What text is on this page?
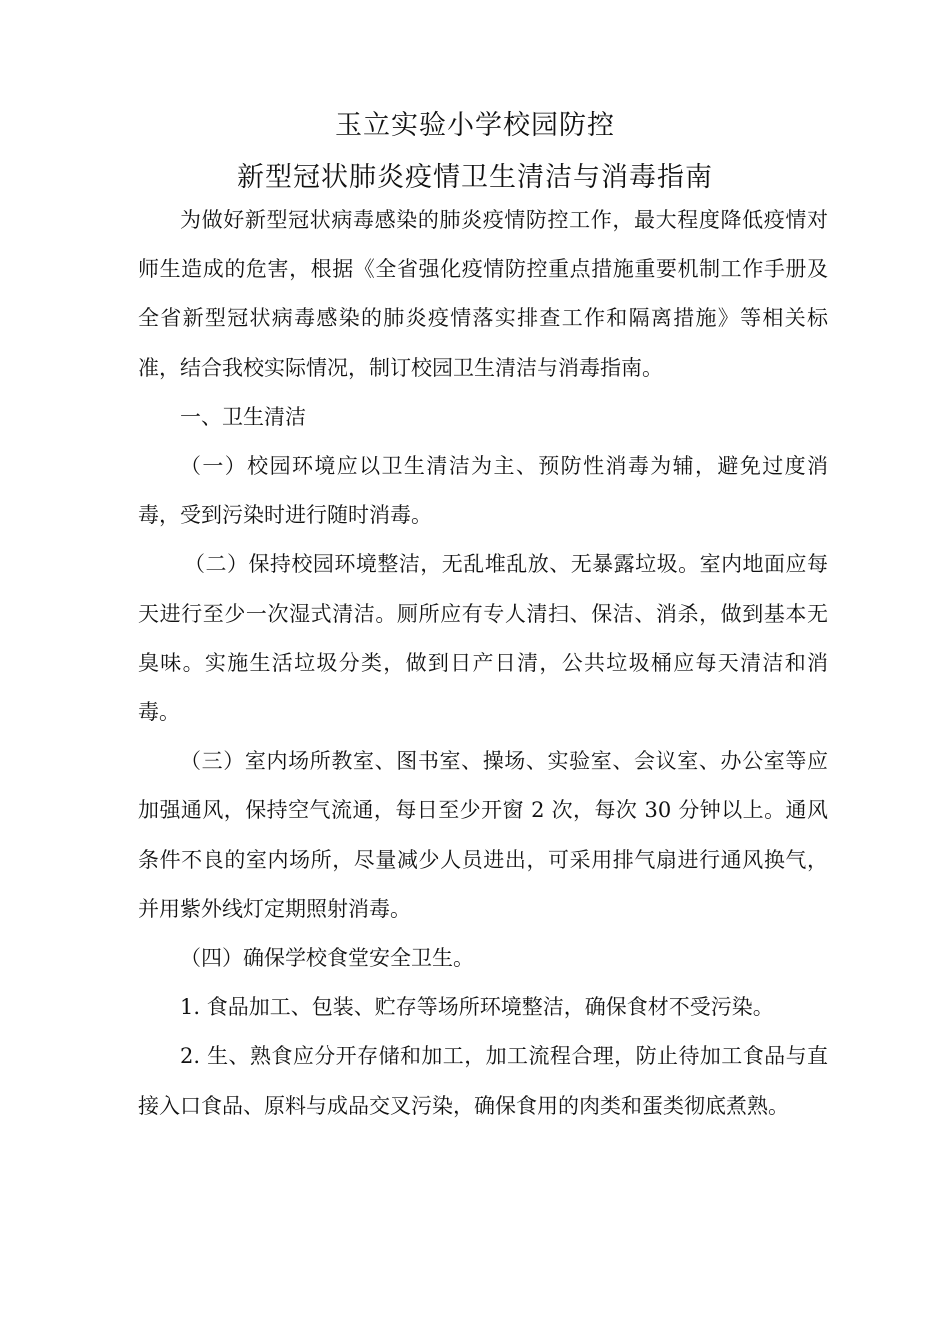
玉立实验小学校园防控
新型冠状肺炎疫情卫生清洁与消毒指南

为做好新型冠状病毒感染的肺炎疫情防控工作，最大程度降低疫情对师生造成的危害，根据《全省强化疫情防控重点措施重要机制工作手册及全省新型冠状病毒感染的肺炎疫情落实排查工作和隔离措施》等相关标准，结合我校实际情况，制订校园卫生清洁与消毒指南。

一、卫生清洁

（一）校园环境应以卫生清洁为主、预防性消毒为辅，避免过度消毒，受到污染时进行随时消毒。

（二）保持校园环境整洁，无乱堆乱放、无暴露垃圾。室内地面应每天进行至少一次湿式清洁。厕所应有专人清扫、保洁、消杀，做到基本无臭味。实施生活垃圾分类，做到日产日清，公共垃圾桶应每天清洁和消毒。

（三）室内场所教室、图书室、操场、实验室、会议室、办公室等应加强通风，保持空气流通，每日至少开窗 2 次，每次 30 分钟以上。通风条件不良的室内场所，尽量减少人员进出，可采用排气扇进行通风换气，并用紫外线灯定期照射消毒。

（四）确保学校食堂安全卫生。

1. 食品加工、包装、贮存等场所环境整洁，确保食材不受污染。

2. 生、熟食应分开存储和加工，加工流程合理，防止待加工食品与直接入口食品、原料与成品交叉污染，确保食用的肉类和蛋类彻底煮熟。
